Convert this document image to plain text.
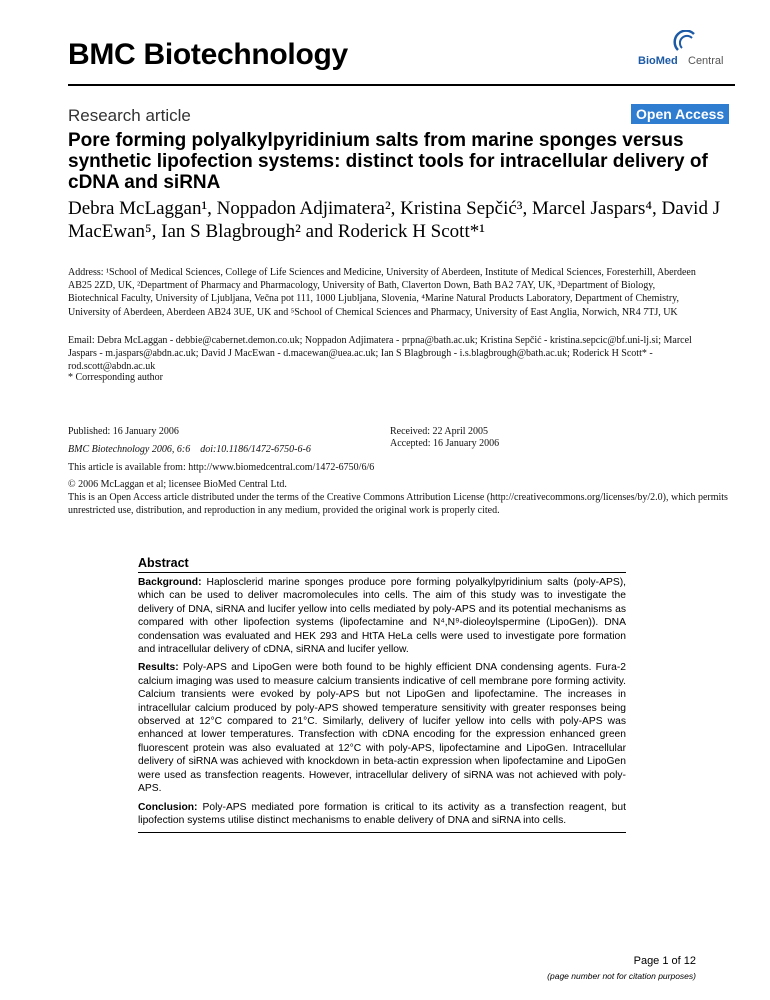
BMC Biotechnology	BioMed Central
Research article	Open Access
Pore forming polyalkylpyridinium salts from marine sponges versus synthetic lipofection systems: distinct tools for intracellular delivery of cDNA and siRNA
Debra McLaggan¹, Noppadon Adjimatera², Kristina Sepčić³, Marcel Jaspars⁴, David J MacEwan⁵, Ian S Blagbrough² and Roderick H Scott*¹
Address: ¹School of Medical Sciences, College of Life Sciences and Medicine, University of Aberdeen, Institute of Medical Sciences, Foresterhill, Aberdeen AB25 2ZD, UK, ²Department of Pharmacy and Pharmacology, University of Bath, Claverton Down, Bath BA2 7AY, UK, ³Department of Biology, Biotechnical Faculty, University of Ljubljana, Večna pot 111, 1000 Ljubljana, Slovenia, ⁴Marine Natural Products Laboratory, Department of Chemistry, University of Aberdeen, Aberdeen AB24 3UE, UK and ⁵School of Chemical Sciences and Pharmacy, University of East Anglia, Norwich, NR4 7TJ, UK
Email: Debra McLaggan - debbie@cabernet.demon.co.uk; Noppadon Adjimatera - prpna@bath.ac.uk; Kristina Sepčić - kristina.sepcic@bf.uni-lj.si; Marcel Jaspars - m.jaspars@abdn.ac.uk; David J MacEwan - d.macewan@uea.ac.uk; Ian S Blagbrough - i.s.blagbrough@bath.ac.uk; Roderick H Scott* - rod.scott@abdn.ac.uk
* Corresponding author
Published: 16 January 2006
BMC Biotechnology 2006, 6:6    doi:10.1186/1472-6750-6-6
This article is available from: http://www.biomedcentral.com/1472-6750/6/6
Received: 22 April 2005
Accepted: 16 January 2006
© 2006 McLaggan et al; licensee BioMed Central Ltd.
This is an Open Access article distributed under the terms of the Creative Commons Attribution License (http://creativecommons.org/licenses/by/2.0), which permits unrestricted use, distribution, and reproduction in any medium, provided the original work is properly cited.
Abstract

Background: Haplosclerid marine sponges produce pore forming polyalkylpyridinium salts (poly-APS), which can be used to deliver macromolecules into cells. The aim of this study was to investigate the delivery of DNA, siRNA and lucifer yellow into cells mediated by poly-APS and its potential mechanisms as compared with other lipofection systems (lipofectamine and N⁴,N⁹-dioleoylspermine (LipoGen)). DNA condensation was evaluated and HEK 293 and HtTA HeLa cells were used to investigate pore formation and intracellular delivery of cDNA, siRNA and lucifer yellow.

Results: Poly-APS and LipoGen were both found to be highly efficient DNA condensing agents. Fura-2 calcium imaging was used to measure calcium transients indicative of cell membrane pore forming activity. Calcium transients were evoked by poly-APS but not LipoGen and lipofectamine. The increases in intracellular calcium produced by poly-APS showed temperature sensitivity with greater responses being observed at 12°C compared to 21°C. Similarly, delivery of lucifer yellow into cells with poly-APS was enhanced at lower temperatures. Transfection with cDNA encoding for the expression enhanced green fluorescent protein was also evaluated at 12°C with poly-APS, lipofectamine and LipoGen. Intracellular delivery of siRNA was achieved with knockdown in beta-actin expression when lipofectamine and LipoGen were used as transfection reagents. However, intracellular delivery of siRNA was not achieved with poly-APS.

Conclusion: Poly-APS mediated pore formation is critical to its activity as a transfection reagent, but lipofection systems utilise distinct mechanisms to enable delivery of DNA and siRNA into cells.

Page 1 of 12
(page number not for citation purposes)
